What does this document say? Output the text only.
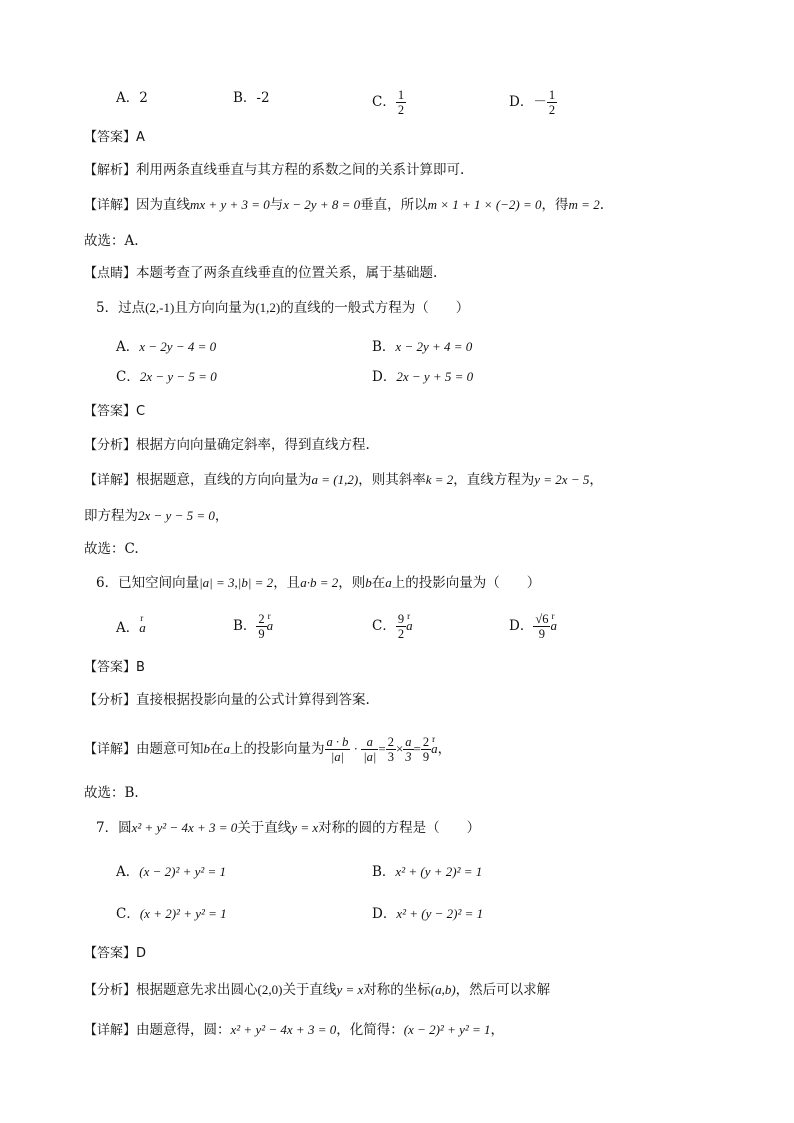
A．2	B．-2	C． $\frac{1}{2}$	D．－ $\frac{1}{2}$
【答案】A
【解析】利用两条直线垂直与其方程的系数之间的关系计算即可.
【详解】因为直线mx + y + 3 = 0与x − 2y + 8 = 0垂直，所以m × 1 + 1 × (−2) = 0，得m = 2.
故选：A.
【点睛】本题考查了两条直线垂直的位置关系，属于基础题.
5．过点(2,-1)且方向向量为(1,2)的直线的一般式方程为（　　）
A．x − 2y − 4 = 0	B．x − 2y + 4 = 0
C．2x − y − 5 = 0	D．2x − y + 5 = 0
【答案】C
【分析】根据方向向量确定斜率，得到直线方程.
【详解】根据题意，直线的方向向量为a = (1,2)，则其斜率k = 2，直线方程为y = 2x − 5，
即方程为2x − y − 5 = 0，
故选：C.
6．已知空间向量|a| = 3,|b| = 2，且a·b = 2，则b在a上的投影向量为（　　）
A．r a	B． $\frac{2}{9}$ r a	C． $\frac{9}{2}$ r a	D． $\frac{√6}{9}$ r a
【答案】B
【分析】直接根据投影向量的公式计算得到答案.
【详解】由题意可知b在a上的投影向量为 $\frac{a \cdot b}{|a|} \cdot \frac{a}{|a|} = \frac{2}{3} \times \frac{a}{3} = \frac{2}{9}$ r a，
故选：B.
7．圆x² + y² − 4x + 3 = 0关于直线y = x对称的圆的方程是（　　）
A．(x − 2)² + y² = 1	B．x² + (y + 2)² = 1
C．(x + 2)² + y² = 1	D．x² + (y − 2)² = 1
【答案】D
【分析】根据题意先求出圆心(2,0)关于直线y = x对称的坐标(a,b)，然后可以求解
【详解】由题意得，圆：x² + y² − 4x + 3 = 0，化简得：(x − 2)² + y² = 1，
